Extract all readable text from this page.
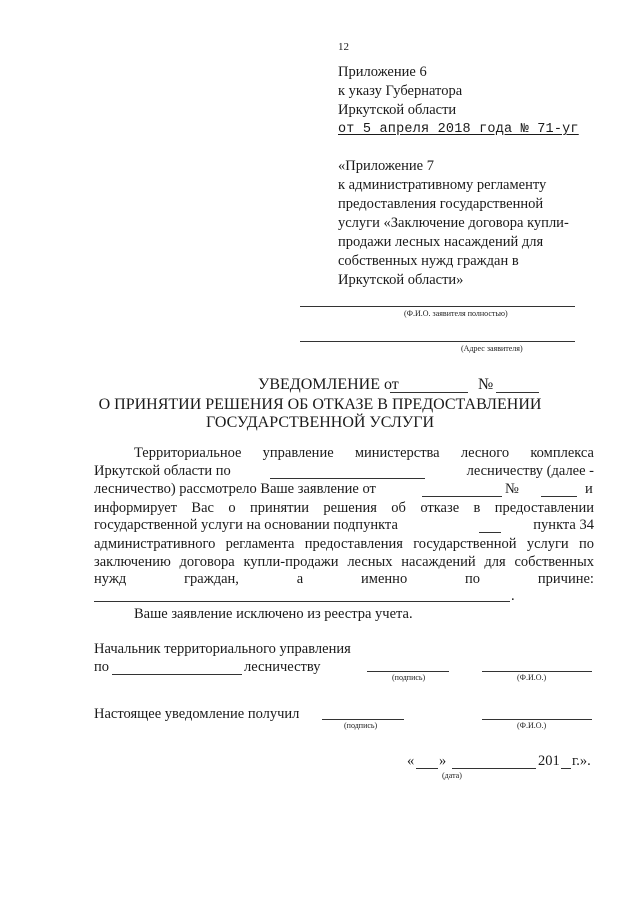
12
Приложение 6
к указу Губернатора
Иркутской области
от 5 апреля 2018 года № 71-уг
«Приложение 7
к административному регламенту
предоставления государственной
услуги «Заключение договора купли-
продажи лесных насаждений для
собственных нужд граждан в
Иркутской области»
(Ф.И.О. заявителя полностью)
(Адрес заявителя)
УВЕДОМЛЕНИЕ от	№
О ПРИНЯТИИ РЕШЕНИЯ ОБ ОТКАЗЕ В ПРЕДОСТАВЛЕНИИ
ГОСУДАРСТВЕННОЙ УСЛУГИ
Территориальное управление министерства лесного комплекса
Иркутской области по	лесничеству (далее -
лесничество) рассмотрело Ваше заявление от	№	и
информирует Вас о принятии решения об отказе в предоставлении
государственной услуги на основании подпункта	пункта 34
административного регламента предоставления государственной услуги по
заключению договора купли-продажи лесных насаждений для собственных
нужд	граждан,	а	именно	по	причине:
.
Ваше заявление исключено из реестра учета.
Начальник территориального управления
по	лесничеству
(подпись)	(Ф.И.О.)
Настоящее уведомление получил
(подпись)	(Ф.И.О.)
« »	201 г.».
(дата)
